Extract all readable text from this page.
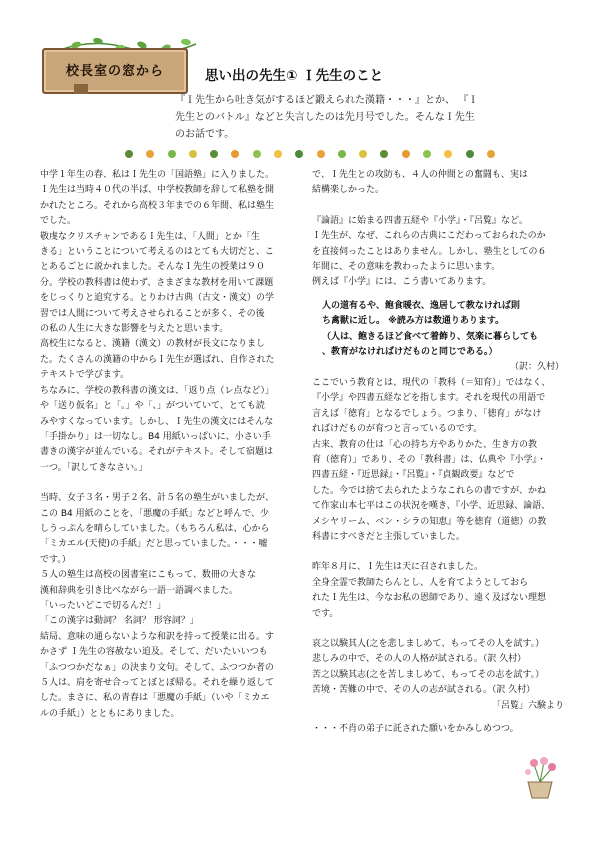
校長室の窓から	思い出の先生① Ｉ先生のこと
『Ｉ先生から吐き気がするほど鍛えられた漢籍・・・』とか、 『Ｉ
先生とのバトル』などと失言したのは先月号でした。そんなＩ先生
のお話です。

中学１年生の春、私はＩ先生の「国語塾」に入りました。

Ｉ先生は当時４０代の半ば、中学校教師を辞して私塾を開

かれたところ。それから高校３年までの６年間、私は塾生

でした。

敬虔なクリスチャンであるＩ先生は、「人間」とか「生

きる」ということについて考えるのはとても大切だと、こ

とあるごとに説かれました。そんなＩ先生の授業は９０

分。学校の教科書は使わず、さまざまな教材を用いて課題

をじっくりと追究する。とりわけ古典（古文・漢文）の学

習では人間について考えさせられることが多く、その後

の私の人生に大きな影響を与えたと思います。

高校生になると、漢籍（漢文）の教材が長文になりまし

た。たくさんの漢籍の中からＩ先生が選ばれ、自作された

テキストで学びます。

ちなみに、学校の教科書の漢文は、「返り点（レ点など）」

や「送り仮名」と「。」や「、」がついていて、とても読

みやすくなっています。しかし、Ｉ先生の漢文にはそんな

「手掛かり」は一切なし。B4 用紙いっぱいに、小さい手

書きの漢字が並んでいる。それがテキスト。そして宿題は

一つ。「訳してきなさい。」

当時、女子３名・男子２名、計５名の塾生がいましたが、

この B4 用紙のことを、「悪魔の手紙」などと呼んで、少

しうっぷんを晴らしていました。（もちろん私は、心から

「ミカエル(天使)の手紙」だと思っていました。・・・嘘

です。）

５人の塾生は高校の図書室にこもって、数冊の大きな

漢和辞典を引き比べながら一語一語調べました。

「いったいどこで切るんだ！」

「この漢字は動詞？ 名詞？ 形容詞？」

結局、意味の通らないような和訳を持って授業に出る。す

かさず Ｉ先生の容赦ない追及。そして、だいたいいつも

「ふつつかだなぁ」の決まり文句。そして、ふつつか者の

５人は、肩を寄せ合ってとぼとぼ帰る。それを繰り返して

した。まさに、私の青春は「悪魔の手紙」（いや「ミカエ

ルの手紙」）とともにありました。

で、Ｉ先生との攻防も、４人の仲間との奮闘も、実は

結構楽しかった。

『論語』に始まる四書五経や『小学』・『呂覧』など。

Ｉ先生が、なぜ、これらの古典にこだわっておられたのか

を直接伺ったことはありません。しかし、塾生としての６

年間に、その意味を教わったように思います。

例えば『小学』には、こう書いてあります。

人の道有るや、飽食暖衣、逸居して教なければ則

ち禽獣に近し。 ※読み方は数通りあります。

（人は、飽きるほど食べて着飾り、気楽に暮らしても

、教育がなければけだものと同じである。）

（訳：久村）

ここでいう教育とは、現代の「教科（＝知育）」ではなく、

『小学』や四書五経などを指します。それを現代の用語で

言えば「徳育」となるでしょう。つまり、「徳育」がなけ

ればけだものが育つと言っているのです。

古来、教育の仕は「心の持ち方やありかた、生き方の教

育（徳育）」であり、その「教科書」は、仏典や『小学』・

四書五経・『近思録』・『呂覧』・『貞観政要』などで

した。今では捨て去られたようなこれらの書ですが、かね

て作家山本七平はこの状況を嘆き、『小学、近思録、論語、

メシヤリーム、ベン・シラの知恵』等を徳育（道徳）の教

科書にすべきだと主張していました。

昨年８月に、Ｉ先生は天に召されました。

全身全霊で教師たらんとし、人を育てようとしておら

れたＩ先生は、今なお私の恩師であり、遠く及ばない理想

です。

哀之以験其人(之を悲しましめて、もってその人を試す。）

悲しみの中で、その人の人格が試される。（訳 久村）

苦之以験其志(之を苦しましめて、もってその志を試す。）

苦境・苦難の中で、その人の志が試される。（訳 久村）

「呂覧」六験より
・・・不肖の弟子に託された願いをかみしめつつ。
